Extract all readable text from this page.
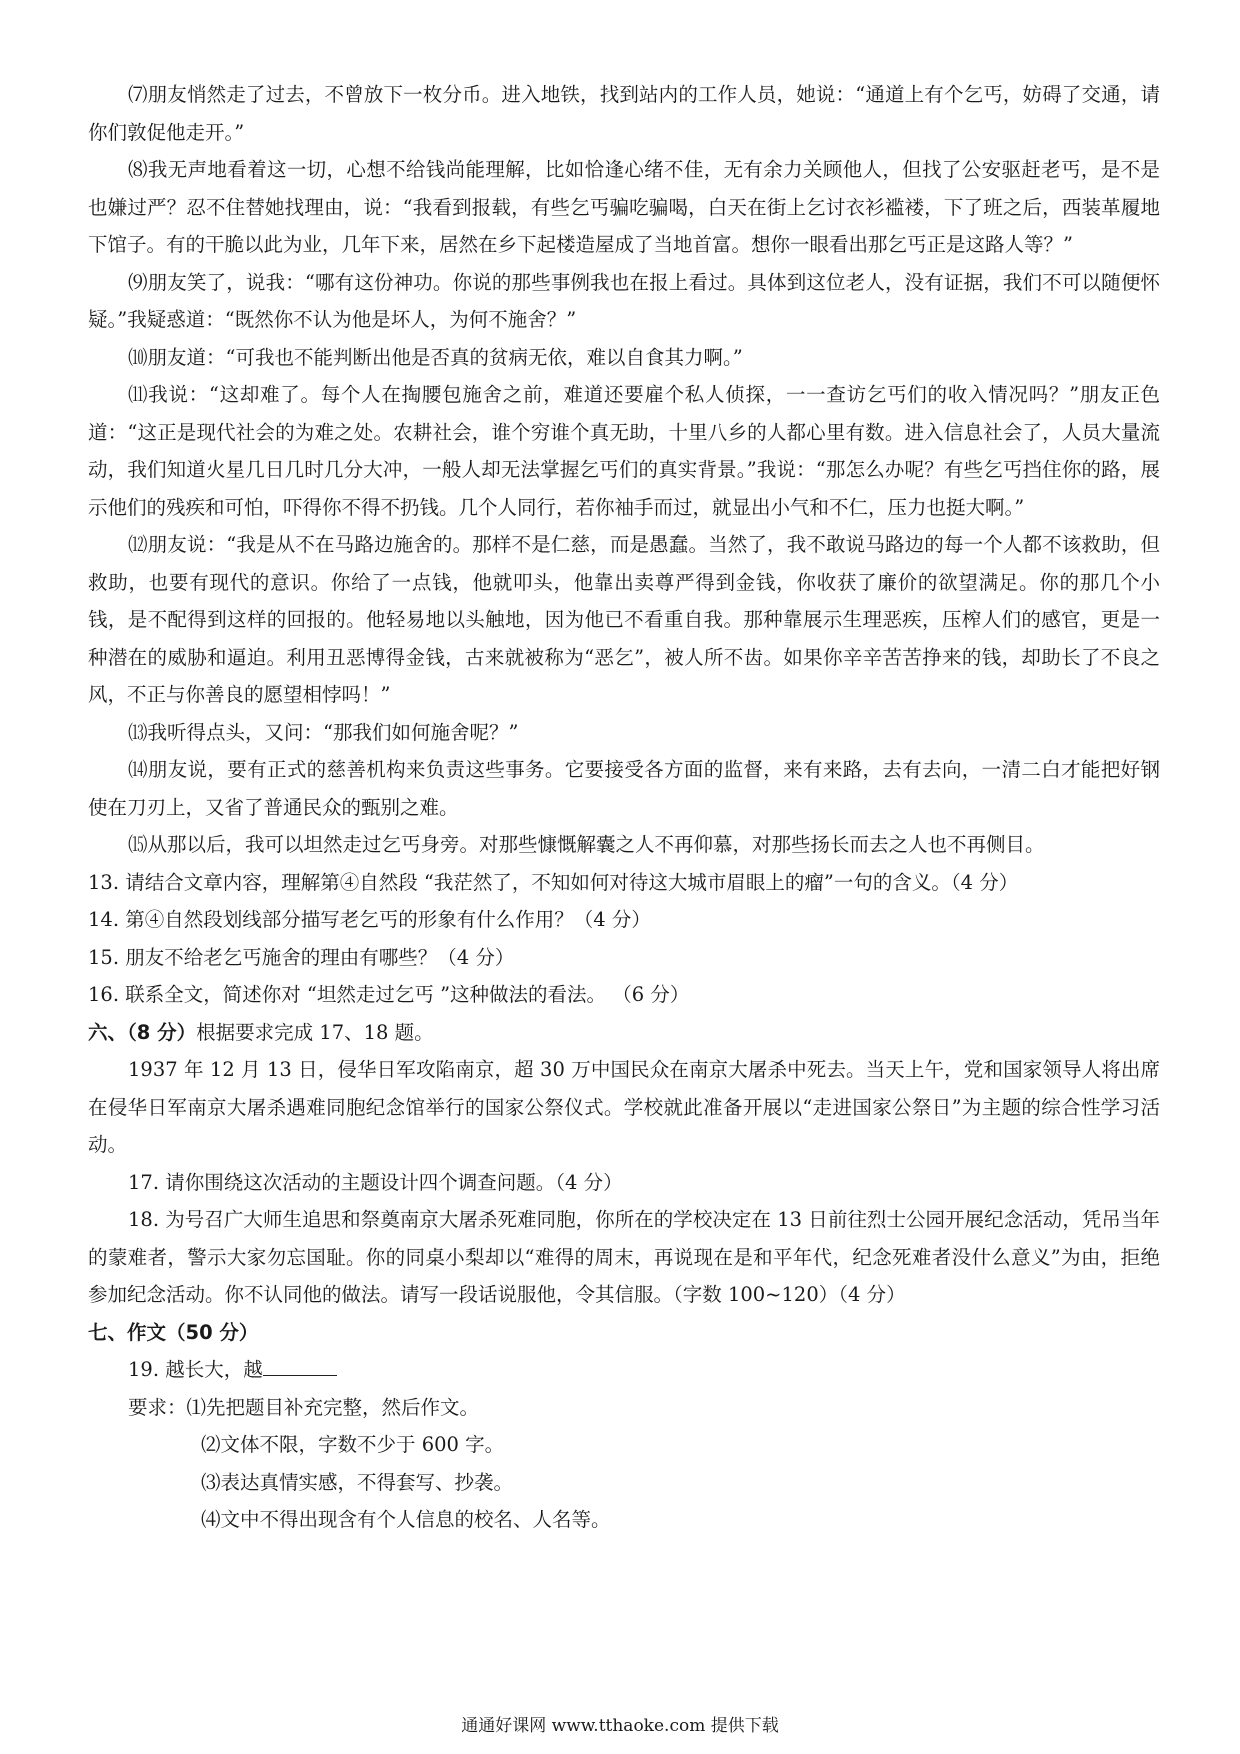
⑺朋友悄然走了过去，不曾放下一枚分币。进入地铁，找到站内的工作人员，她说：“通道上有个乞丐，妨碍了交通，请你们敦促他走开。”

⑻我无声地看着这一切，心想不给钱尚能理解，比如恰逢心绪不佳，无有余力关顾他人，但找了公安驱赶老丐，是不是也嫌过严？忍不住替她找理由，说：“我看到报载，有些乞丐骗吃骗喝，白天在街上乞讨衣衫褴褛，下了班之后，西装革履地下馆子。有的干脆以此为业，几年下来，居然在乡下起楼造屋成了当地首富。想你一眼看出那乞丐正是这路人等？”

⑼朋友笑了，说我：“哪有这份神功。你说的那些事例我也在报上看过。具体到这位老人，没有证据，我们不可以随便怀疑。”我疑惑道：“既然你不认为他是坏人，为何不施舍？”

⑽朋友道：“可我也不能判断出他是否真的贫病无依，难以自食其力啊。”

⑾我说：“这却难了。每个人在掏腰包施舍之前，难道还要雇个私人侦探，一一查访乞丐们的收入情况吗？”朋友正色道：“这正是现代社会的为难之处。农耕社会，谁个穷谁个真无助，十里八乡的人都心里有数。进入信息社会了，人员大量流动，我们知道火星几日几时几分大冲，一般人却无法掌握乞丐们的真实背景。”我说：“那怎么办呢？有些乞丐挡住你的路，展示他们的残疾和可怕，吓得你不得不扔钱。几个人同行，若你袖手而过，就显出小气和不仁，压力也挺大啊。”

⑿朋友说：“我是从不在马路边施舍的。那样不是仁慈，而是愚蠢。当然了，我不敢说马路边的每一个人都不该救助，但救助，也要有现代的意识。你给了一点钱，他就叩头，他靠出卖尊严得到金钱，你收获了廉价的欲望满足。你的那几个小钱，是不配得到这样的回报的。他轻易地以头触地，因为他已不看重自我。那种靠展示生理恶疾，压榨人们的感官，更是一种潜在的威胁和逼迫。利用丑恶博得金钱，古来就被称为“恶乞”，被人所不齿。如果你辛辛苦苦挣来的钱，却助长了不良之风，不正与你善良的愿望相悖吗！”

⒀我听得点头，又问：“那我们如何施舍呢？”

⒁朋友说，要有正式的慈善机构来负责这些事务。它要接受各方面的监督，来有来路，去有去向，一清二白才能把好钢使在刀刃上，又省了普通民众的甄别之难。

⒂从那以后，我可以坦然走过乞丐身旁。对那些慷慨解囊之人不再仰慕，对那些扬长而去之人也不再侧目。

13. 请结合文章内容，理解第④自然段 “我茫然了，不知如何对待这大城市眉眼上的瘤”一句的含义。（4 分）

14. 第④自然段划线部分描写老乞丐的形象有什么作用？（4 分）

15. 朋友不给老乞丐施舍的理由有哪些？（4 分）

16. 联系全文，简述你对 “坦然走过乞丐 ”这种做法的看法。 （6 分）

六、（8 分）根据要求完成 17、18 题。

1937 年 12 月 13 日，侵华日军攻陷南京，超 30 万中国民众在南京大屠杀中死去。当天上午，党和国家领导人将出席在侵华日军南京大屠杀遇难同胞纪念馆举行的国家公祭仪式。学校就此准备开展以“走进国家公祭日”为主题的综合性学习活动。

17. 请你围绕这次活动的主题设计四个调查问题。（4 分）

18. 为号召广大师生追思和祭奠南京大屠杀死难同胞，你所在的学校决定在 13 日前往烈士公园开展纪念活动，凭吊当年的蒙难者，警示大家勿忘国耻。你的同桌小梨却以“难得的周末，再说现在是和平年代，纪念死难者没什么意义”为由，拒绝参加纪念活动。你不认同他的做法。请写一段话说服他，令其信服。（字数 100~120）（4 分）

七、作文（50 分）

19. 越长大，越

要求：⑴先把题目补充完整，然后作文。

⑵文体不限，字数不少于 600 字。

⑶表达真情实感，不得套写、抄袭。

⑷文中不得出现含有个人信息的校名、人名等。

通通好课网 www.tthaoke.com 提供下载
